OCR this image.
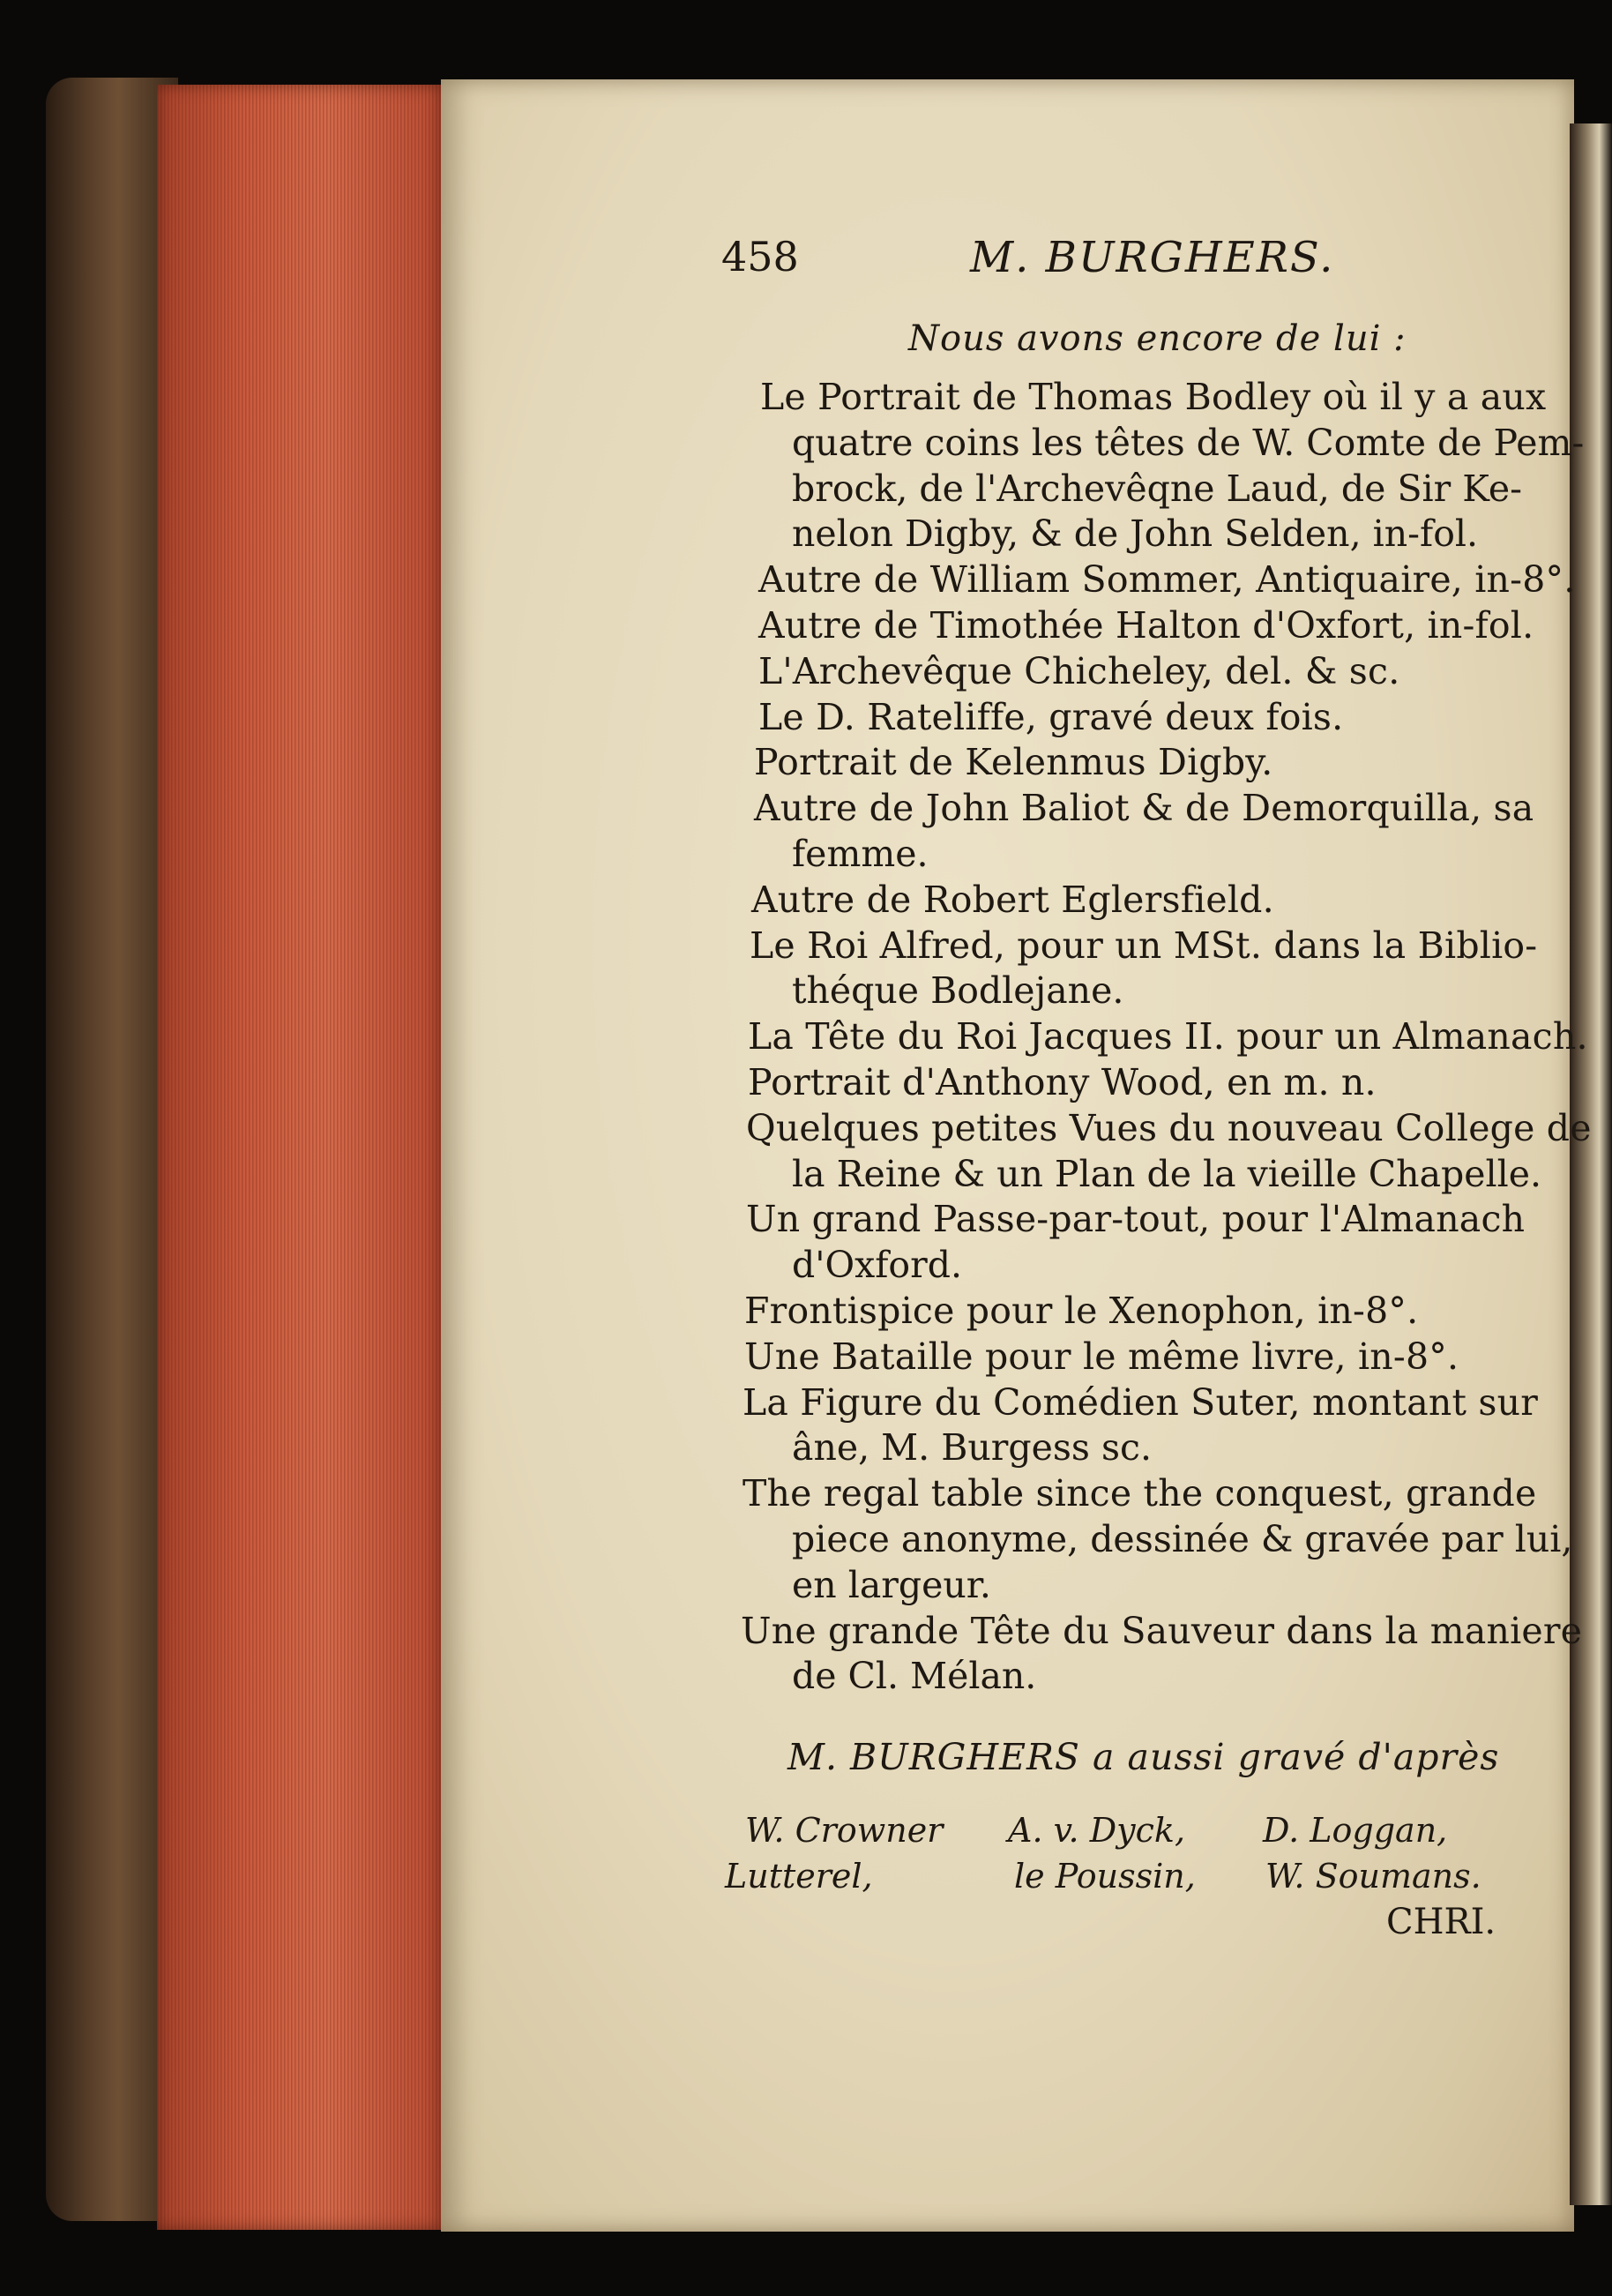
458	M. BURGHERS.
Nous avons encore de lui :
Le Portrait de Thomas Bodley où il y a aux
quatre coins les têtes de W. Comte de Pem-
brock, de l'Archevêqne Laud, de Sir Ke-
nelon Digby, & de John Selden, in-fol.
Autre de William Sommer, Antiquaire, in-8°.
Autre de Timothée Halton d'Oxfort, in-fol.
L'Archevêque Chicheley, del. & sc.
Le D. Rateliffe, gravé deux fois.
Portrait de Kelenmus Digby.
Autre de John Baliot & de Demorquilla, sa
femme.
Autre de Robert Eglersfield.
Le Roi Alfred, pour un MSt. dans la Biblio-
théque Bodlejane.
La Tête du Roi Jacques II. pour un Almanach.
Portrait d'Anthony Wood, en m. n.
Quelques petites Vues du nouveau College de
la Reine & un Plan de la vieille Chapelle.
Un grand Passe-par-tout, pour l'Almanach
d'Oxford.
Frontispice pour le Xenophon, in-8°.
Une Bataille pour le même livre, in-8°.
La Figure du Comédien Suter, montant sur
âne, M. Burgess sc.
The regal table since the conquest, grande
piece anonyme, dessinée & gravée par lui,
en largeur.
Une grande Tête du Sauveur dans la maniere
de Cl. Mélan.
M. BURGHERS a aussi gravé d'après
W. Crowner A. v. Dyck, D. Loggan,
Lutterel,	le Poussin, W. Soumans.
CHRI.
